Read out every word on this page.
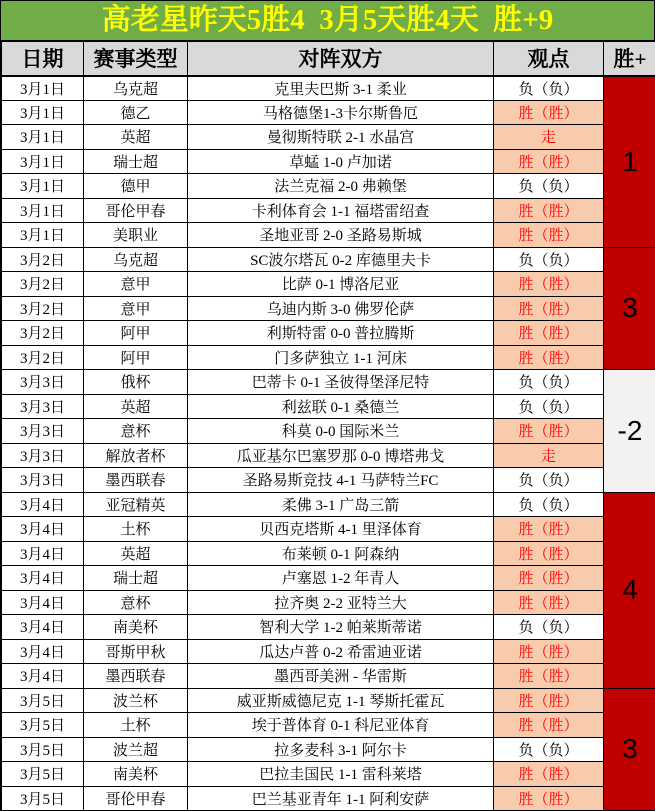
高老星昨天5胜4  3月5天胜4天  胜+9
日期	赛事类型	对阵双方	观点	胜+
3月1日	乌克超	克里夫巴斯 3-1 柔业	负（负）	1
3月1日	德乙	马格德堡1-3卡尔斯鲁厄	胜（胜）	
3月1日	英超	曼彻斯特联 2-1 水晶宫	走	
3月1日	瑞士超	草蜢 1-0 卢加诺	胜（胜）	
3月1日	德甲	法兰克福 2-0 弗赖堡	负（负）	
3月1日	哥伦甲春	卡利体育会 1-1 福塔雷绍查	胜（胜）	
3月1日	美职业	圣地亚哥 2-0 圣路易斯城	胜（胜）	
3月2日	乌克超	SC波尔塔瓦 0-2 库德里夫卡	负（负）	3
3月2日	意甲	比萨 0-1 博洛尼亚	胜（胜）	
3月2日	意甲	乌迪内斯 3-0 佛罗伦萨	胜（胜）	
3月2日	阿甲	利斯特雷 0-0 普拉腾斯	胜（胜）	
3月2日	阿甲	门多萨独立 1-1 河床	胜（胜）	
3月3日	俄杯	巴蒂卡 0-1 圣彼得堡泽尼特	负（负）	-2
3月3日	英超	利兹联 0-1 桑德兰	负（负）	
3月3日	意杯	科莫 0-0 国际米兰	胜（胜）	
3月3日	解放者杯	瓜亚基尔巴塞罗那 0-0 博塔弗戈	走	
3月3日	墨西联春	圣路易斯竞技 4-1 马萨特兰FC	负（负）	
3月4日	亚冠精英	柔佛 3-1 广岛三箭	负（负）	4
3月4日	土杯	贝西克塔斯 4-1 里泽体育	胜（胜）	
3月4日	英超	布莱顿 0-1 阿森纳	胜（胜）	
3月4日	瑞士超	卢塞恩 1-2 年青人	胜（胜）	
3月4日	意杯	拉齐奥 2-2 亚特兰大	胜（胜）	
3月4日	南美杯	智利大学 1-2 帕莱斯蒂诺	负（负）	
3月4日	哥斯甲秋	瓜达卢普 0-2 希雷迪亚诺	胜（胜）	
3月4日	墨西联春	墨西哥美洲 - 华雷斯	胜（胜）	
3月5日	波兰杯	威亚斯威德尼克 1-1 琴斯托霍瓦	胜（胜）	3
3月5日	土杯	埃于普体育 0-1 科尼亚体育	胜（胜）	
3月5日	波兰超	拉多麦科 3-1 阿尔卡	负（负）	
3月5日	南美杯	巴拉圭国民 1-1 雷科莱塔	胜（胜）	
3月5日	哥伦甲春	巴兰基亚青年 1-1 阿利安萨	胜（胜）	
